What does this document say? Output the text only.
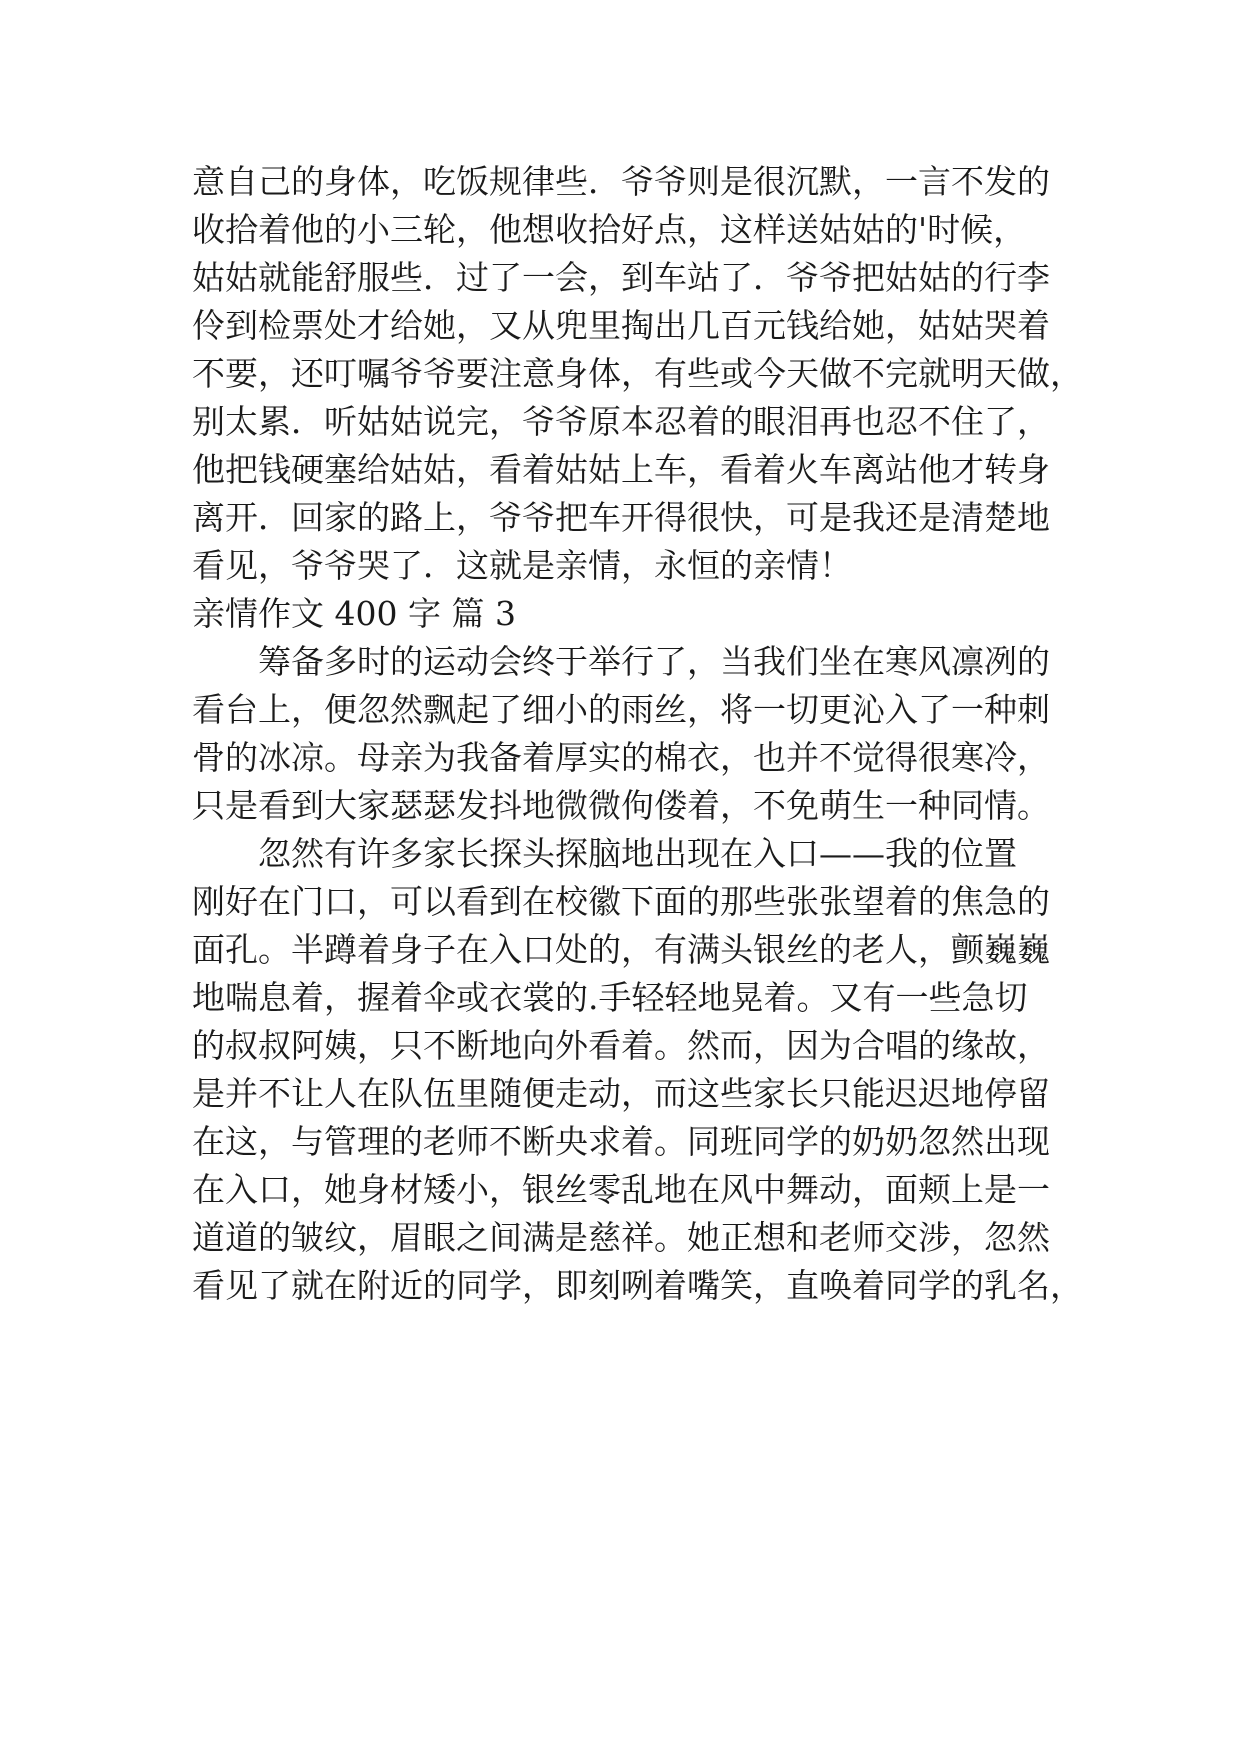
意自己的身体，吃饭规律些．爷爷则是很沉默，一言不发的
收拾着他的小三轮，他想收拾好点，这样送姑姑的'时候，
姑姑就能舒服些．过了一会，到车站了．爷爷把姑姑的行李
伶到检票处才给她，又从兜里掏出几百元钱给她，姑姑哭着
不要，还叮嘱爷爷要注意身体，有些或今天做不完就明天做，
别太累．听姑姑说完，爷爷原本忍着的眼泪再也忍不住了，
他把钱硬塞给姑姑，看着姑姑上车，看着火车离站他才转身
离开．回家的路上，爷爷把车开得很快，可是我还是清楚地
看见，爷爷哭了．这就是亲情，永恒的亲情！
亲情作文 400 字 篇 3
筹备多时的运动会终于举行了，当我们坐在寒风凛冽的
看台上，便忽然飘起了细小的雨丝，将一切更沁入了一种刺
骨的冰凉。母亲为我备着厚实的棉衣，也并不觉得很寒冷，
只是看到大家瑟瑟发抖地微微佝偻着，不免萌生一种同情。
忽然有许多家长探头探脑地出现在入口——我的位置
刚好在门口，可以看到在校徽下面的那些张张望着的焦急的
面孔。半蹲着身子在入口处的，有满头银丝的老人，颤巍巍
地喘息着，握着伞或衣裳的.手轻轻地晃着。又有一些急切
的叔叔阿姨，只不断地向外看着。然而，因为合唱的缘故，
是并不让人在队伍里随便走动，而这些家长只能迟迟地停留
在这，与管理的老师不断央求着。同班同学的奶奶忽然出现
在入口，她身材矮小，银丝零乱地在风中舞动，面颊上是一
道道的皱纹，眉眼之间满是慈祥。她正想和老师交涉，忽然
看见了就在附近的同学，即刻咧着嘴笑，直唤着同学的乳名，
